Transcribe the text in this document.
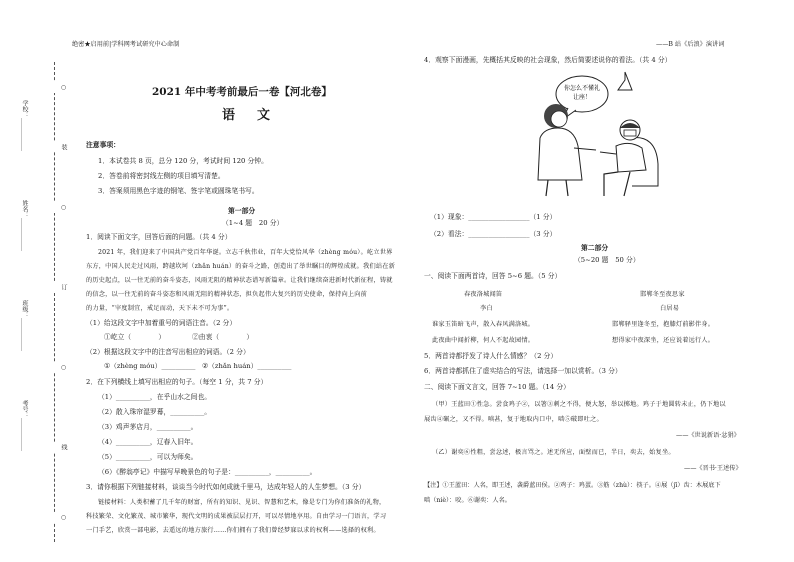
绝密★启用前|学科网考试研究中心命制	——B 站《后浪》演讲词
○
装
○
订
○
线
○
学校：___________
姓名：___________
班级：___________
考号：___________
2021 年中考考前最后一卷【河北卷】
语文
注意事项：
1．本试卷共 8 页，总分 120 分，考试时间 120 分钟。
2．答卷前将密封线左侧的项目填写清楚。
3．答案须用黑色字迹的钢笔、签字笔或圆珠笔书写。
第一部分
（1~4 题　20 分）
1．阅读下面文字，回答后面的问题。（共 4 分）
2021 年，我们迎来了中国共产党百年华诞。立志千秋伟业，百年大党恰风华（zhèng móu）。屹立世界
东方，中国人民走过风雨，跨越坎坷（zhǎn huán）的奋斗之路，创造出了举世瞩目的辉煌成就。我们站在新
的历史起点，以一往无前的奋斗姿态，风雨无阻的精神状态谱写新篇章。让我们继续奋进新时代新征程，铸就
的信念，以一往无前的奋斗姿态和风雨无阻的精神状态，担负起伟大复兴的历史使命，保持向上向前
的力量，“宰度制宜，戒足而动，天下未不可为事”。
（1）给这段文字中加着重号的词语注音。（2 分）
①屹立（　　　　）	②由衷（　　　　）
（2）根据这段文字中的注音写出相应的词语。（2 分）
①（zhèng móu）__________ ②（zhǎn huán）__________
2．在下列横线上填写出相应的句子。（每空 1 分，共 7 分）
（1）__________，在乎山水之间也。
（2）散入珠帘湿罗幕，__________。
（3）鸡声茅店月，__________。
（4）__________，辽春入旧年。
（5）__________，可以为师矣。
（6）《醉翁亭记》中描写早晚景色的句子是：__________，__________。
3．请你根据下列链接材料，谈谈当今时代如何成就千里马，达成年轻人的人生梦想。（3 分）
链接材料：人类积蓄了几千年的财富，所有的知识、见识、智慧和艺术，像是专门为你们准备的礼物，
科技繁荣、文化繁茂、城市繁华，现代文明的成果被层层打开，可以尽情地享用。自由学习一门语言，学习
一门手艺，欣赏一部电影，去遥远的地方旅行……你们拥有了我们曾经梦寐以求的权利——选择的权利。
4．观察下面漫画，先概括其反映的社会现象，然后简要述说你的看法。（共 4 分）
你怎么不懂礼
让座！
（1）现象：__________________（1 分）
（2）看法：__________________（3 分）
第二部分
（5~20 题　50 分）
一、阅读下面两首诗，回答 5~6 题。（5 分）
春夜洛城闻笛
李白
谁家玉笛暗飞声，散入春风满洛城。
此夜曲中闻折柳，何人不起故园情。
邯郸冬至夜思家
白居易
邯郸驿里逢冬至，抱膝灯前影伴身。
想得家中夜深坐，还应说着远行人。
5．两首诗都抒发了诗人什么情感？（2 分）
6．两首诗都抓住了虚实结合的写法，请选择一加以赏析。（3 分）
二、阅读下面文言文，回答 7~10 题。（14 分）
（甲）王蓝田①性急。尝食鸡子②，以箸③刺之不得，便大怒，举以掷地。鸡子于地圆转未止，仍下地以
展齿④碾之，又不得。嗔甚，复于地取内口中，啮⑤破即吐之。
——《世说新语·忿狷》
（乙）谢奕⑥性粗，尝忿述，极言骂之。述无所应，面壁而已，半日，奕去，始复坐。
——《晋书·王述传》
【注】①王蓝田：人名，即王述，袭爵蓝田侯。②鸡子：鸡蛋。③筋（zhù）：筷子。④屐（jī）齿：木屐底下
啮（niè）：咬。⑥谢奕：人名。
